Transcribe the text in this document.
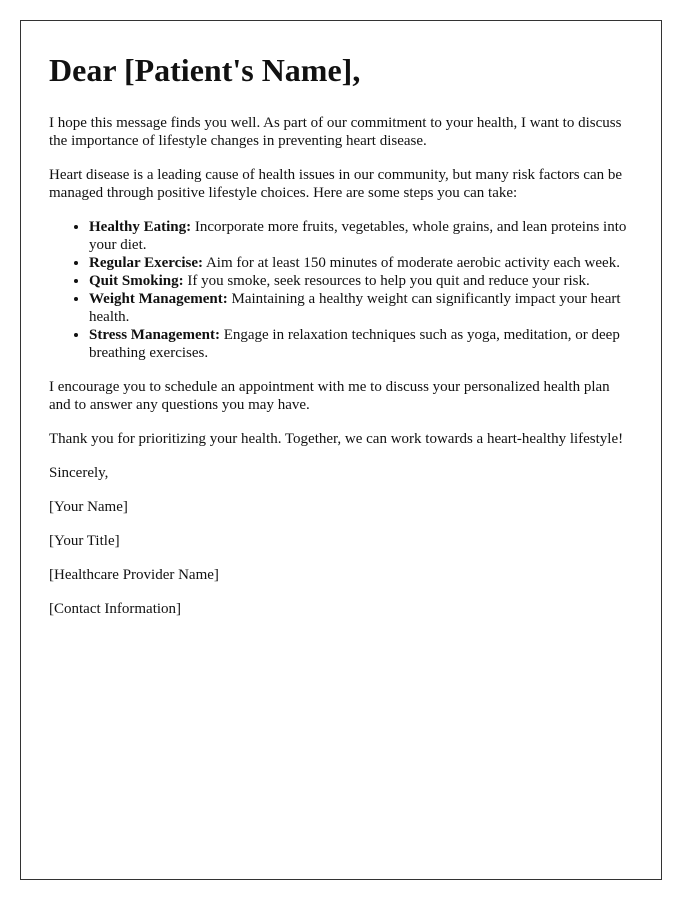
Dear [Patient's Name],

I hope this message finds you well. As part of our commitment to your health, I want to discuss the importance of lifestyle changes in preventing heart disease.

Heart disease is a leading cause of health issues in our community, but many risk factors can be managed through positive lifestyle choices. Here are some steps you can take:

• Healthy Eating: Incorporate more fruits, vegetables, whole grains, and lean proteins into your diet.
• Regular Exercise: Aim for at least 150 minutes of moderate aerobic activity each week.
• Quit Smoking: If you smoke, seek resources to help you quit and reduce your risk.
• Weight Management: Maintaining a healthy weight can significantly impact your heart health.
• Stress Management: Engage in relaxation techniques such as yoga, meditation, or deep breathing exercises.

I encourage you to schedule an appointment with me to discuss your personalized health plan and to answer any questions you may have.

Thank you for prioritizing your health. Together, we can work towards a heart-healthy lifestyle!

Sincerely,

[Your Name]

[Your Title]

[Healthcare Provider Name]

[Contact Information]
